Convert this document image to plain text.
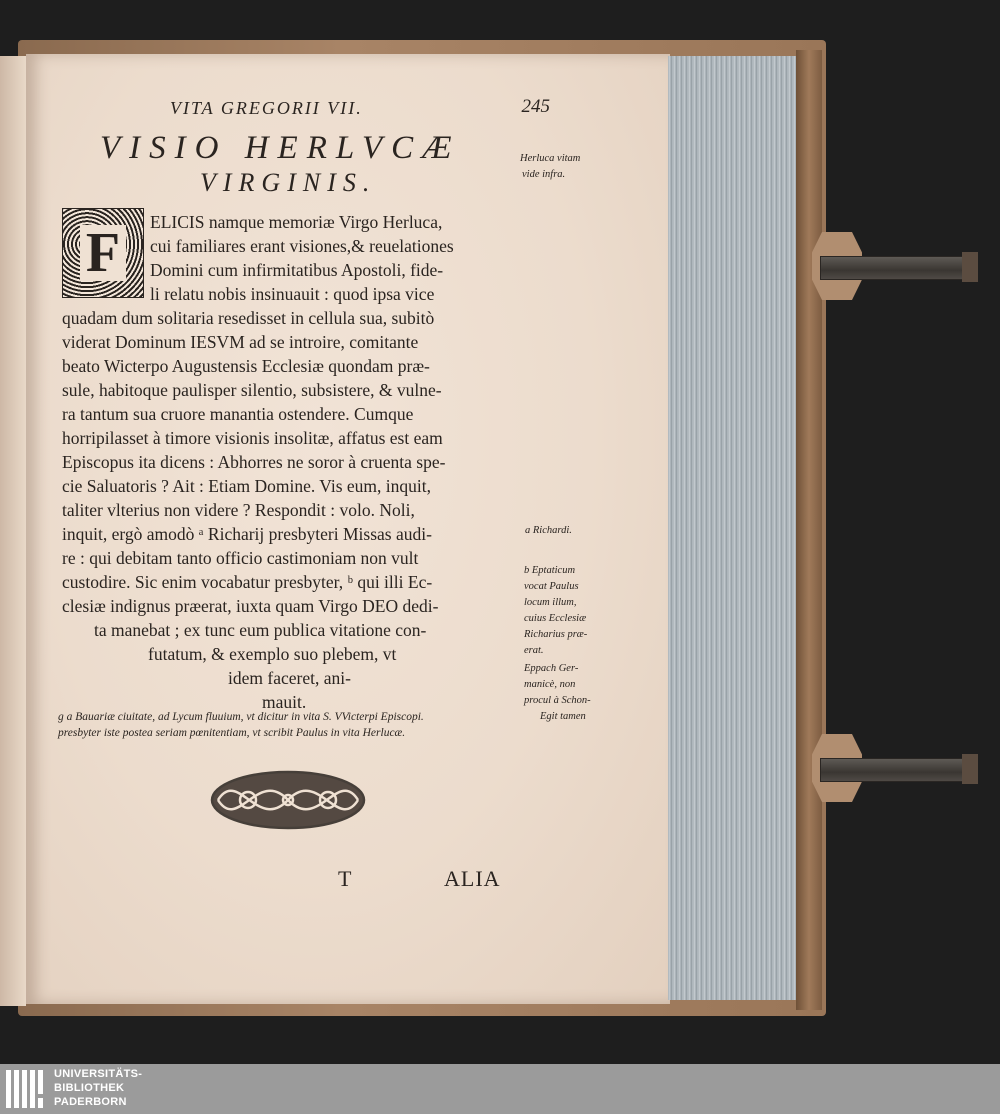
VITA GREGORII VII.	245
VISIO HERLVCÆ
VIRGINIS.
F	ELICIS namque memoriæ Virgo Herluca,
cui familiares erant visiones,& reuelationes
Domini cum infirmitatibus Apostoli, fide-
li relatu nobis insinuauit : quod ipsa vice
quadam dum solitaria resedisset in cellula sua, subitò
viderat Dominum IESVM ad se introire, comitante
beato Wicterpo Augustensis Ecclesiæ quondam præ-
sule, habitoque paulisper silentio, subsistere, & vulne-
ra tantum sua cruore manantia ostendere. Cumque
horripilasset à timore visionis insolitæ, affatus est eam
Episcopus ita dicens : Abhorres ne soror à cruenta spe-
cie Saluatoris ? Ait : Etiam Domine. Vis eum, inquit,
taliter vlterius non videre ? Respondit : volo. Noli,
inquit, ergò amodò ᵃ Richarij presbyteri Missas audi-
re : qui debitam tanto officio castimoniam non vult
custodire. Sic enim vocabatur presbyter, ᵇ qui illi Ec-
clesiæ indignus præerat, iuxta quam Virgo DEO dedi-
ta manebat ; ex tunc eum publica vitatione con-
futatum, & exemplo suo plebem, vt
idem faceret, ani-
mauit.
g a Bauariæ ciuitate, ad Lycum fluuium, vt dicitur in vita S. VVicterpi Episcopi.
presbyter iste postea seriam pœnitentiam, vt scribit Paulus in vita Herlucæ.
Herluca vitam
vide infra.
a Richardi.
b Eptaticum
vocat Paulus
locum illum,
cuius Ecclesiæ
Richarius præ-
erat.
Eppach Ger-
manicè, non
procul à Schon-
Egit tamen
T	ALIA
UNIVERSITÄTS-
BIBLIOTHEK
PADERBORN
